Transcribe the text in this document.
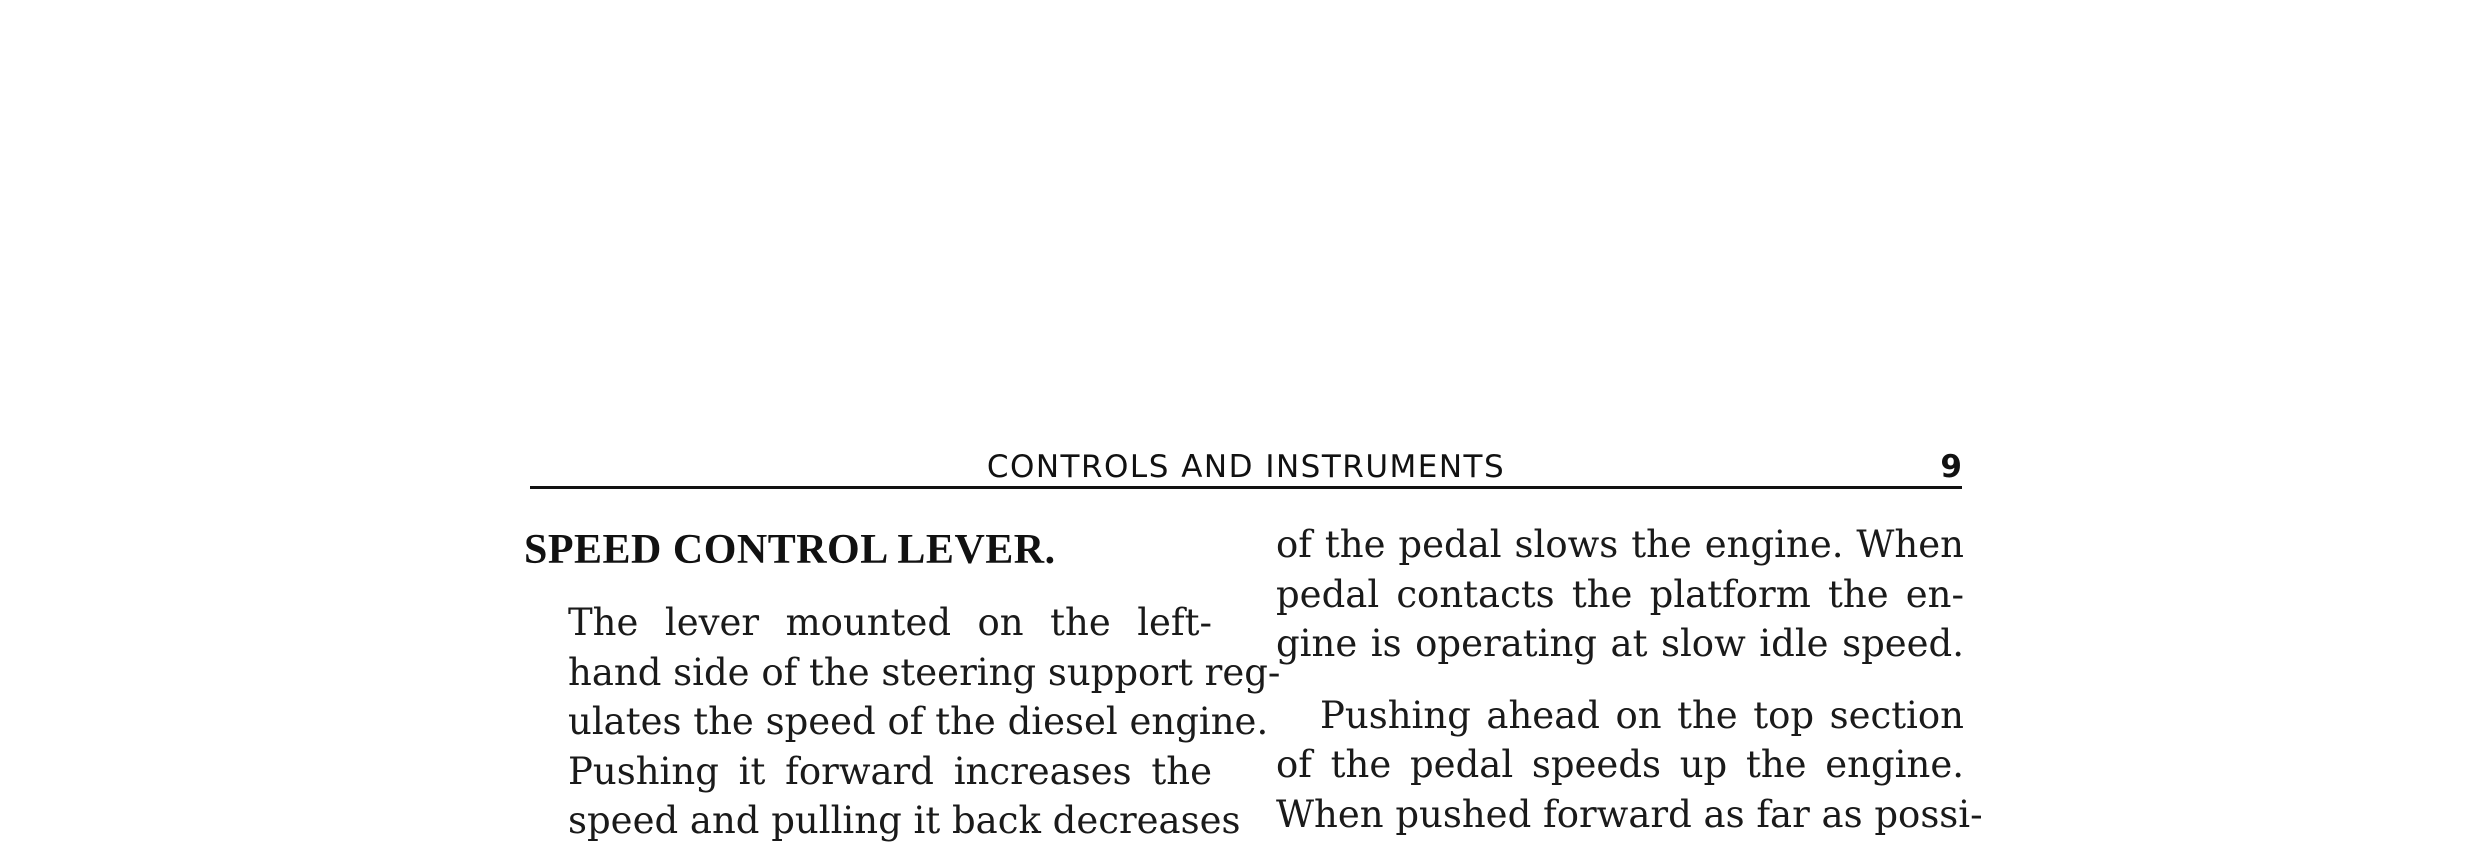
CONTROLS AND INSTRUMENTS	9
SPEED CONTROL LEVER.
The lever mounted on the left-
hand side of the steering support reg-
ulates the speed of the diesel engine.
Pushing it forward increases the
speed and pulling it back decreases
of the pedal slows the engine. When
pedal contacts the platform the en-
gine is operating at slow idle speed.
Pushing ahead on the top section
of the pedal speeds up the engine.
When pushed forward as far as possi-
